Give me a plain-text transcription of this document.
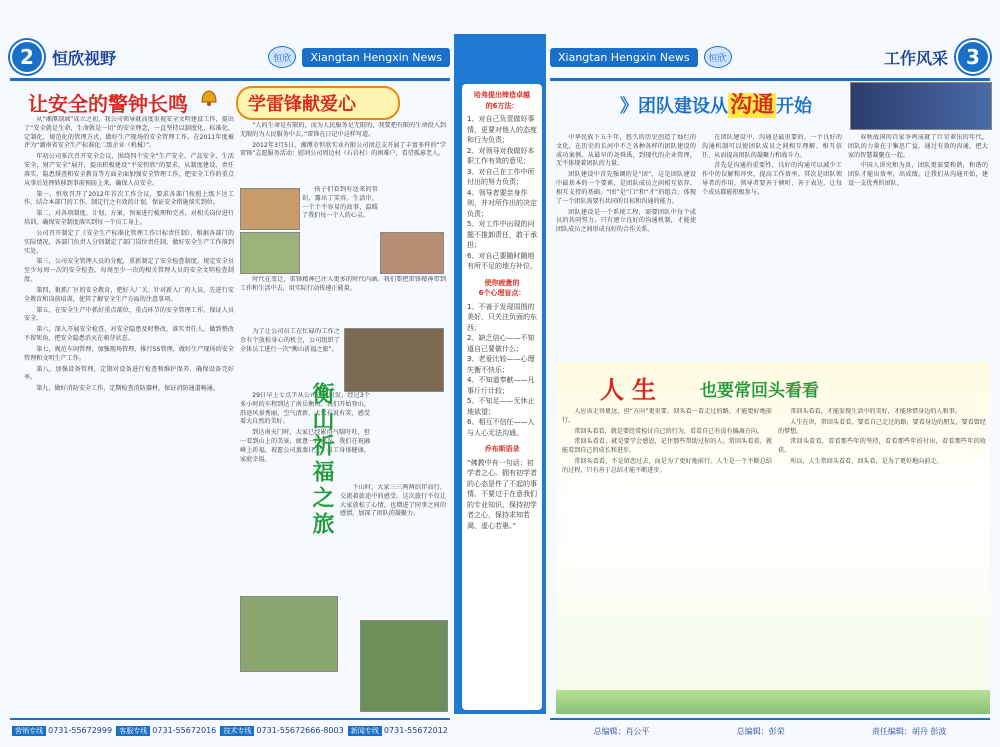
2	恒欣视野	恒欣	Xiangtan Hengxin News	Xiangtan Hengxin News	恒欣	工作风采 3
让安全的警钟长鸣

从“湘潭制域”成立之初，我公司领导就高度重视安全文明建设工作，提出了“安全就是生命，生命就是一切”的安全理念，一直坚持以制度化、标准化、定制化、规范化的管理方式，做好生产现场的安全管理工作。在2011年度被评为“湖南省安全生产标准化二级企业（机械）”。

年初公司多次召开安全会议，围绕四个安全“生产安全、产品安全、生活安全、财产安全”展开，提出积极建设“平安恒欣”的要求，从制度建设、责任落实、隐患排查和安全教育等方面全面加强安全管理工作，把安全工作的重点从事后处理转移到事前预防上来，确保人员安全。

第一，恒欣召开了2012年首次工作会议，要求各部门按照上级下达工作，结合本部门的工作，制定行之有效的计划，保证安全措施落实到位。

第二，对各项制度、计划、方案、预案进行梳理和完善，对相关岗位进行培训，确保安全制度落实到每一个员工身上。

公司召开制定了《安全生产标准化管理工作目标责任制》，根据各部门的实际情况，各部门负责人分别制定了部门岗位责任制，做好安全生产工作落到实处。

第三，公司安全管理人员的分配，重新制定了安全检查制度，规定安全员至少每周一次的安全检查，每周至少一次的相关管理人员的安全文明检查制度。

第四，狠抓厂区的安全教育，把好入厂关。针对新入厂的人员，先进行安全教育和岗前培训，使其了解安全生产方面的注意事项。

第五，在安全生产中抓好重点部位，重点环节的安全管理工作，保证人员安全。

第六，深入开展安全检查，对安全隐患及时整改，落实责任人，做到整改不留死角，把安全隐患消灭在萌芽状态。

第七，规范车间管理，加强现场管理，推行5S管理，做好生产现场的安全管理和文明生产工作。

第八，加强设备管理，定期对设备进行检查和维护保养，确保设备完好率。

第九，做好消防安全工作，定期检查消防器材，保证消防通道畅通。

学雷锋献爱心

“人的生命是有限的，而为人民服务是无限的，我要把有限的生命投入到无限的为人民服务中去。”雷锋在日记中这样写道。

2012年3月5日，湘潭市恒欣实业有限公司团总支开展了丰富多样的“学雷锋”志愿服务活动：慰问公司周边村（石岩村）的困难户，看望孤寡老人。

孩子们看到有送来的常识，露出了笑容。生活中，一个个不容易的故事，温暖了我们每一个人的心灵。

时代在变迁，雷锋精神已注入更多的时代内涵。我们要把雷锋精神带到工作和生活中去，用实际行动传递正能量。

为了让公司员工在忙碌的工作之余有个放松身心的机会，公司组织了全体员工进行一次“衡山祈福之旅”。

29日早上七点半从公司门口出发，经过3个多小时的车程到达了南岳衡山。我们开始登山，沿途风景秀丽，空气清新，大家有说有笑，感受着大自然的美好。

到达南天门时，大家已经累得气喘吁吁，但一看到山上的美景，疲惫一扫而光。我们在祝融峰上祈福，祝愿公司蒸蒸日上，员工身体健康，家庭幸福。	衡山祈福之旅	下山时，大家三三两两结伴而行，交流着旅途中的感受。这次旅行不仅让大家放松了心情，也增进了同事之间的感情，加深了团队的凝聚力。

哈弗提出缔造卓越
的6方法：
1、对自己负责做好事情，更要对他人的态度和行为负责；
2、对领导对我做好本职工作有效的意见；
3、对自己在工作中所付出的努力负责；
4、领导者要亲身作则，并对所作出的决定负责；
5、对工作中出现的问题不推卸责任，敢于承担；
6、对自己要随时随地有所不足的地方补位。
使你疲惫的
6个心理盲点：
1、不善于发现周围的美好，只关注负面的东西；
2、缺乏信心——不知道自己要做什么；
3、老爱比较——心理失衡不快乐；
4、不知道奉献——凡事斤斤计较；
5、不知足——无休止地欲望；
6、相互不信任——人与人心无法沟通。
乔布斯语录
“佛教中有一句话：初学者之心。拥有初学者的心态是件了不起的事情。不要过于在意我们的专业知识，保持初学者之心，保持求知若渴，虚心若愚。”
》团队建设从沟通 开始

中华民族下五千年，悠久的历史创造了灿烂的文化，在历史的长河中不乏各种各样的团队建设的成功案例。从最早的尧舜禹，到现代的企业管理，无不体现着团队的力量。

团队建设中首先强调的是“团”，这是团队建设中最基本的一个要素，是团队成员之间相互依存、相互支持的基础。“团”是“口”和“才”的组合，体现了一个团队需要有共同的目标和沟通的能力。

团队建设是一个系统工程，需要团队中每个成员的共同努力。只有建立良好的沟通机制，才能使团队成员之间形成良好的合作关系。

在团队建设中，沟通是最重要的。一个良好的沟通机制可以使团队成员之间相互理解、相互信任，从而提高团队的凝聚力和战斗力。

首先是沟通的重要性，良好的沟通可以减少工作中的误解和冲突，提高工作效率。其次是团队领导者的作用，领导者要善于倾听，善于表达，让每个成员都能积极参与。

春秋战国的百家争鸣成就了巨星辈出的年代，团队的力量在于集思广益，通过有效的沟通，把大家的智慧凝聚在一起。

中国人讲究和为贵，团队更需要和谐，和谐的团队才能出效率，出成绩。让我们从沟通开始，建设一支优秀的团队。

人生 也要常回头看看

人应该走得更远，但“方向”更重要。回头看一看走过的路，才能更好地前行。

常回头看看，就是要经常检讨自己的行为，看看自己有没有偏离方向。

常回头看看，就是要学会感恩，记住那些帮助过你的人。常回头看看，就能看到自己的成长和进步。

常回头看看，不是留恋过去，而是为了更好地前行。人生是一个不断总结的过程，只有善于总结才能不断进步。

常回头看看，才能发现生活中的美好，才能珍惜身边的人和事。

人生在世，常回头看看，要看自己走过的路，要看身边的朋友，要看曾经的梦想。

常回头看看，看看那些年的坚持，看看那些年的付出，看看那些年的收获。

所以，人生常回头看看，回头看，是为了更好地向前走。

营销专线 0731-55672999	客服专线 0731-55672016	技术专线 0731-55672666-8003	新闻专线 0731-55672012	总编辑：肖公平	总编辑：彭荣	责任编辑：胡丹 彭波
